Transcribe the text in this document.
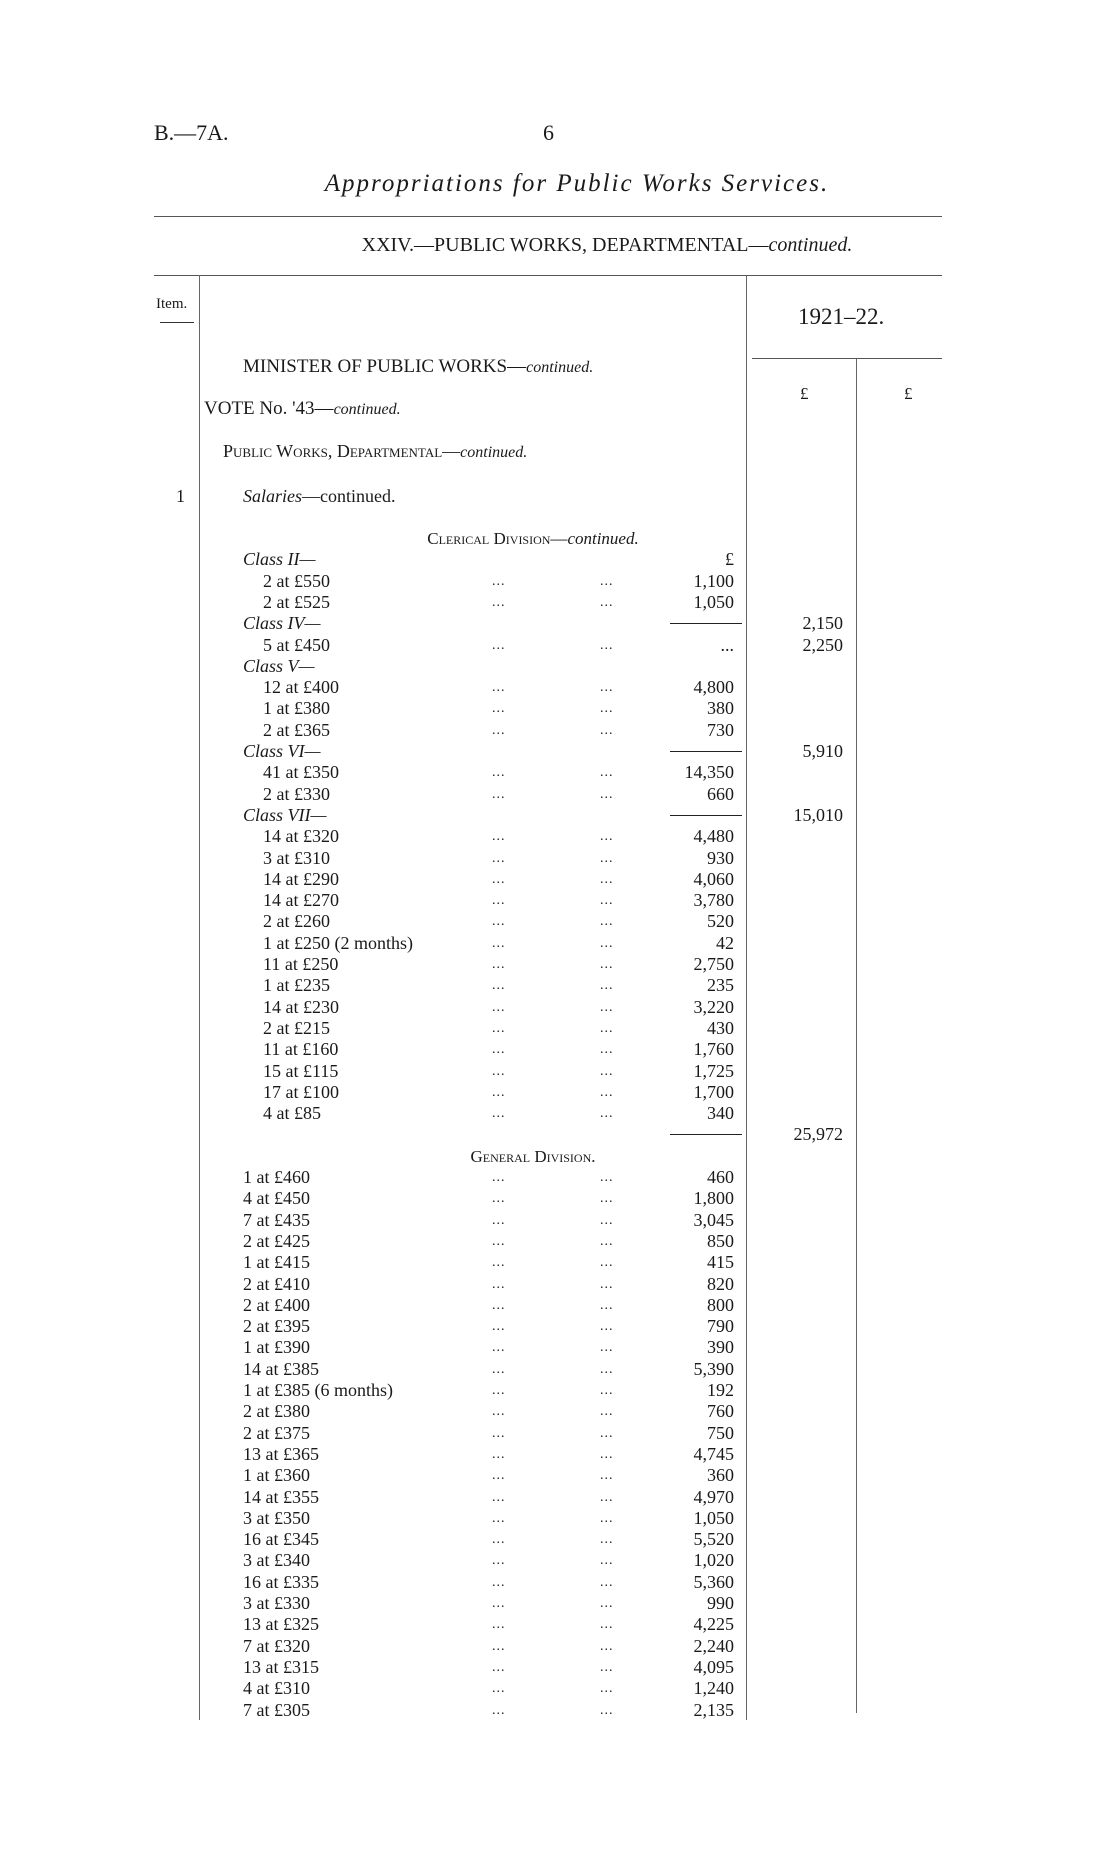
B.—7A.	6
Appropriations for Public Works Services.
XXIV.—PUBLIC WORKS, DEPARTMENTAL—continued.
Item.	1921–22.
£	£
MINISTER OF PUBLIC WORKS—continued.
VOTE No. '43—continued.
Public Works, Departmental—continued.
1	Salaries—continued.
Clerical Division—continued.
Class II—	£
2 at £550	...	...	1,100
2 at £525	...	...	1,050
Class IV—	2,150
5 at £450	...	...	...	2,250
Class V—
12 at £400	...	...	4,800
1 at £380	...	...	380
2 at £365	...	...	730
Class VI—	5,910
41 at £350	...	...	14,350
2 at £330	...	...	660
Class VII—	15,010
14 at £320	...	...	4,480
3 at £310	...	...	930
14 at £290	...	...	4,060
14 at £270	...	...	3,780
2 at £260	...	...	520
1 at £250 (2 months)	...	...	42
11 at £250	...	...	2,750
1 at £235	...	...	235
14 at £230	...	...	3,220
2 at £215	...	...	430
11 at £160	...	...	1,760
15 at £115	...	...	1,725
17 at £100	...	...	1,700
4 at £85	...	...	340
25,972
General Division.
1 at £460	...	...	460
4 at £450	...	...	1,800
7 at £435	...	...	3,045
2 at £425	...	...	850
1 at £415	...	...	415
2 at £410	...	...	820
2 at £400	...	...	800
2 at £395	...	...	790
1 at £390	...	...	390
14 at £385	...	...	5,390
1 at £385 (6 months)	...	...	192
2 at £380	...	...	760
2 at £375	...	...	750
13 at £365	...	...	4,745
1 at £360	...	...	360
14 at £355	...	...	4,970
3 at £350	...	...	1,050
16 at £345	...	...	5,520
3 at £340	...	...	1,020
16 at £335	...	...	5,360
3 at £330	...	...	990
13 at £325	...	...	4,225
7 at £320	...	...	2,240
13 at £315	...	...	4,095
4 at £310	...	...	1,240
7 at £305	...	...	2,135
